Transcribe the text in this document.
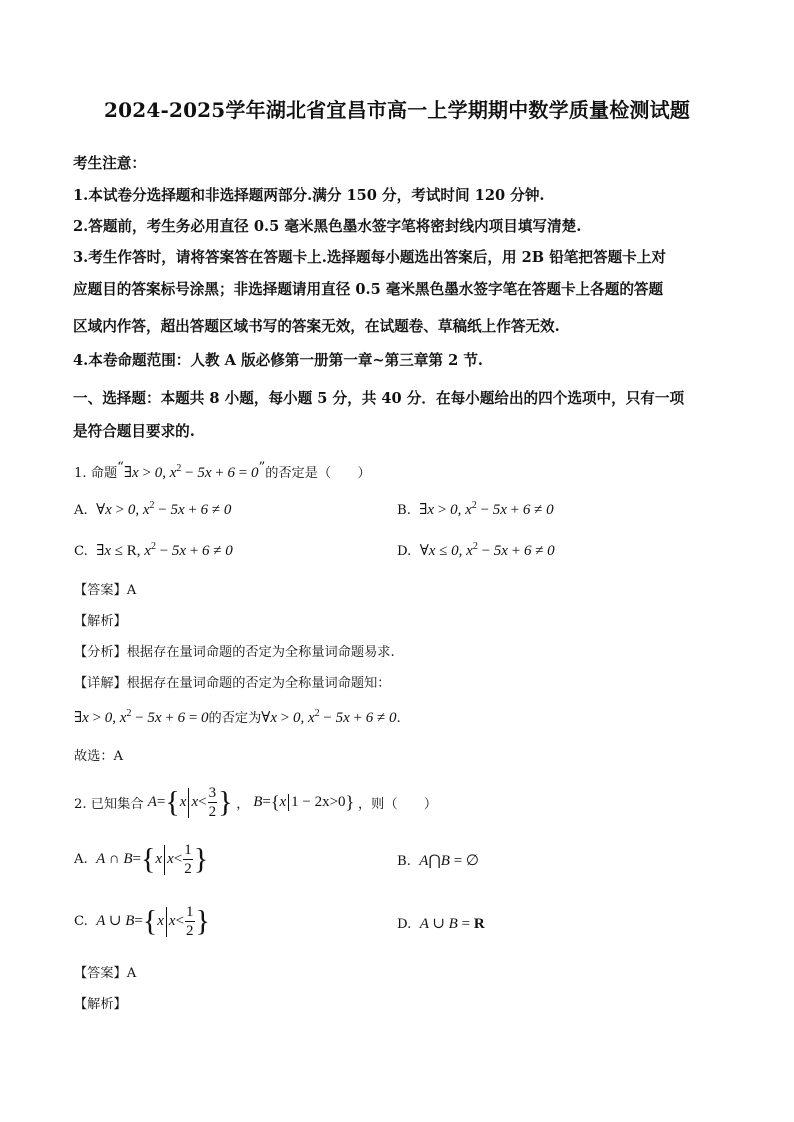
2024-2025学年湖北省宜昌市高一上学期期中数学质量检测试题
考生注意：
1.本试卷分选择题和非选择题两部分.满分 150 分，考试时间 120 分钟.
2.答题前，考生务必用直径 0.5 毫米黑色墨水签字笔将密封线内项目填写清楚.
3.考生作答时，请将答案答在答题卡上.选择题每小题选出答案后，用 2B 铅笔把答题卡上对
应题目的答案标号涂黑；非选择题请用直径 0.5 毫米黑色墨水签字笔在答题卡上各题的答题
区域内作答，超出答题区域书写的答案无效，在试题卷、草稿纸上作答无效.
4.本卷命题范围：人教 A 版必修第一册第一章~第三章第 2 节.
一、选择题：本题共 8 小题，每小题 5 分，共 40 分．在每小题给出的四个选项中，只有一项
是符合题目要求的.
1. 命题“∃x > 0, $x^2 - 5x + 6 = 0$”的否定是（　　）
A. ∀x > 0, $x^2 - 5x + 6 \ne 0$	B. ∃x > 0, $x^2 - 5x + 6 \ne 0$
C. ∃x ≤ R, $x^2 - 5x + 6 \ne 0$	D. ∀x ≤ 0, $x^2 - 5x + 6 \ne 0$
【答案】A
【解析】
【分析】根据存在量词命题的否定为全称量词命题易求.
【详解】根据存在量词命题的否定为全称量词命题知：
∃x > 0, $x^2 - 5x + 6 = 0$的否定为∀x > 0, $x^2 - 5x + 6 \ne 0$.
故选：A
2. 已知集合 A={x $x< \frac{3}{2}$ } ， B={x 1 − 2x>0} ，则（　　）
A. A ∩ B={x $x< \frac{1}{2}$ }	B. A⋂B = ∅
C. A ∪ B={x $x< \frac{1}{2}$ }	D. A ∪ B = R
【答案】A
【解析】
